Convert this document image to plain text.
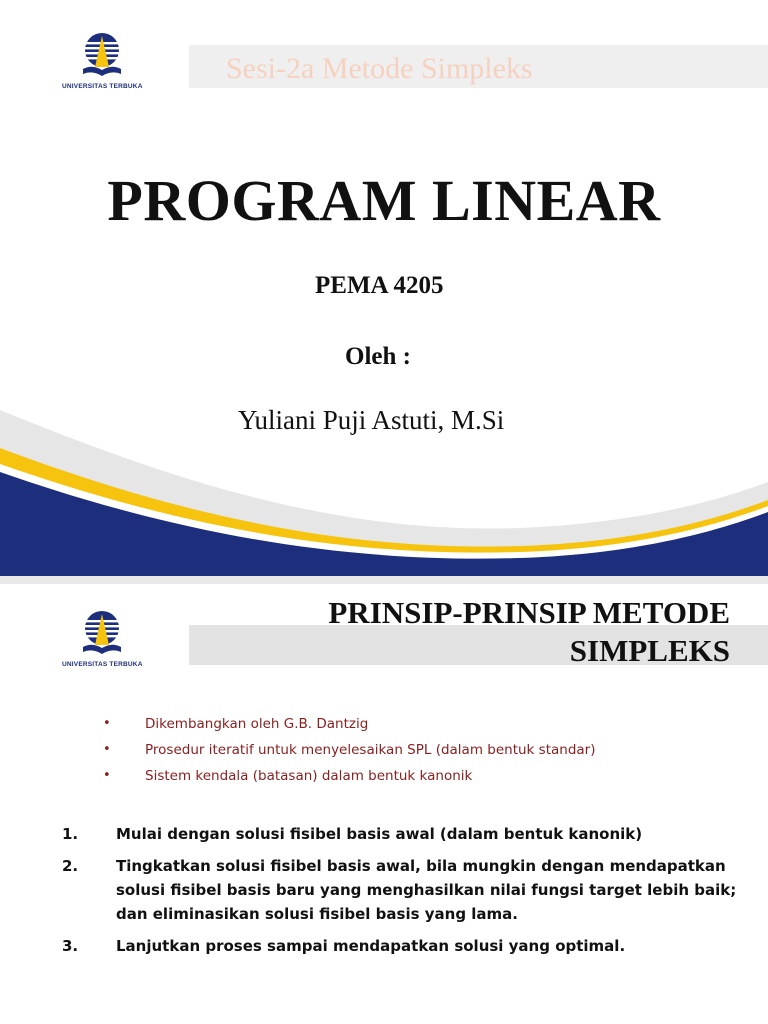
UNIVERSITAS TERBUKA
Sesi-2a Metode Simpleks
PROGRAM LINEAR
PEMA 4205
Oleh :
Yuliani Puji Astuti, M.Si
UNIVERSITAS TERBUKA
PRINSIP-PRINSIP METODE
SIMPLEKS
•	Dikembangkan oleh G.B. Dantzig
•	Prosedur iteratif untuk menyelesaikan SPL (dalam bentuk standar)
•	Sistem kendala (batasan) dalam bentuk kanonik
1.	Mulai dengan solusi fisibel basis awal (dalam bentuk kanonik)
2.	Tingkatkan solusi fisibel basis awal, bila mungkin dengan mendapatkan solusi fisibel basis baru yang menghasilkan nilai fungsi target lebih baik; dan eliminasikan solusi fisibel basis yang lama.
3.	Lanjutkan proses sampai mendapatkan solusi yang optimal.
